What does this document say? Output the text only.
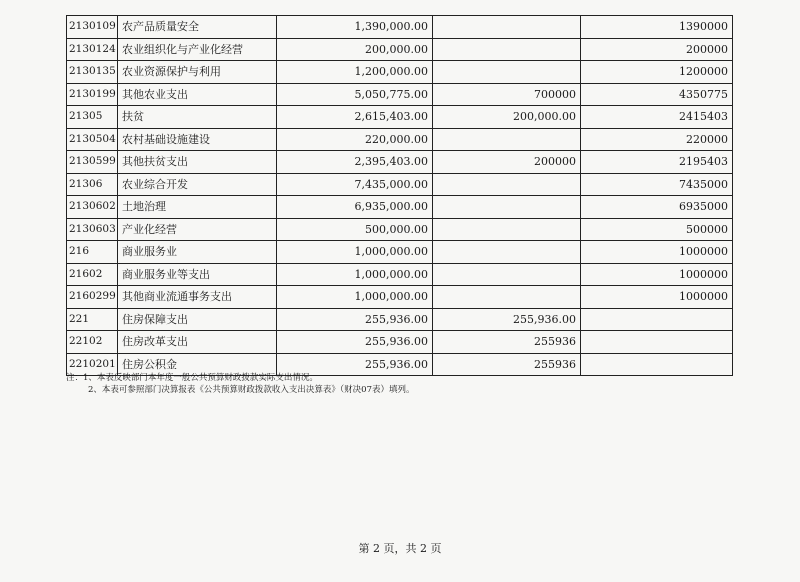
2130109	农产品质量安全	1,390,000.00		1390000
2130124	农业组织化与产业化经营	200,000.00		200000
2130135	农业资源保护与利用	1,200,000.00		1200000
2130199	其他农业支出	5,050,775.00	700000	4350775
21305	扶贫	2,615,403.00	200,000.00	2415403
2130504	农村基础设施建设	220,000.00		220000
2130599	其他扶贫支出	2,395,403.00	200000	2195403
21306	农业综合开发	7,435,000.00		7435000
2130602	土地治理	6,935,000.00		6935000
2130603	产业化经营	500,000.00		500000
216	商业服务业	1,000,000.00		1000000
21602	商业服务业等支出	1,000,000.00		1000000
2160299	其他商业流通事务支出	1,000,000.00		1000000
221	住房保障支出	255,936.00	255,936.00	
22102	住房改革支出	255,936.00	255936	
2210201	住房公积金	255,936.00	255936	
注：1、本表反映部门本年度一般公共预算财政拨款实际支出情况。
2、本表可参照部门决算报表《公共预算财政拨款收入支出决算表》（财决07表）填列。
第 2 页，共 2 页
